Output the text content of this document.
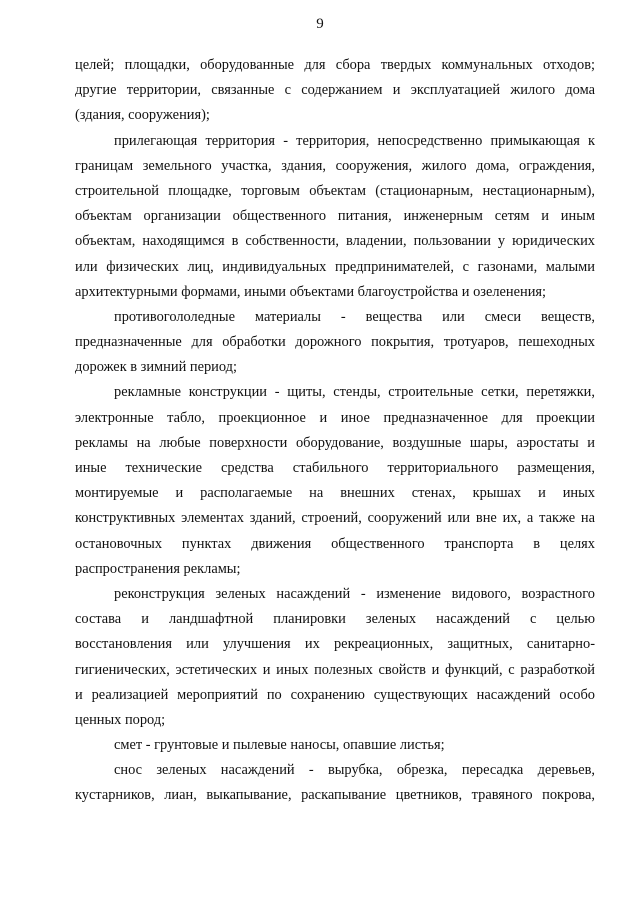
9
целей; площадки, оборудованные для сбора твердых коммунальных отходов;
другие территории, связанные с содержанием и эксплуатацией жилого дома
(здания, сооружения);
прилегающая территория - территория, непосредственно примыкающая к
границам земельного участка, здания, сооружения, жилого дома, ограждения,
строительной площадке, торговым объектам (стационарным, нестационарным),
объектам организации общественного питания, инженерным сетям и иным
объектам, находящимся в собственности, владении, пользовании у юридических
или физических лиц, индивидуальных предпринимателей, с газонами, малыми
архитектурными формами, иными объектами благоустройства и озеленения;
противогололедные материалы - вещества или смеси веществ,
предназначенные для обработки дорожного покрытия, тротуаров, пешеходных
дорожек в зимний период;
рекламные конструкции - щиты, стенды, строительные сетки, перетяжки,
электронные табло, проекционное и иное предназначенное для проекции
рекламы на любые поверхности оборудование, воздушные шары, аэростаты и
иные технические средства стабильного территориального размещения,
монтируемые и располагаемые на внешних стенах, крышах и иных
конструктивных элементах зданий, строений, сооружений или вне их, а также на
остановочных пунктах движения общественного транспорта в целях
распространения рекламы;
реконструкция зеленых насаждений - изменение видового, возрастного
состава и ландшафтной планировки зеленых насаждений с целью
восстановления или улучшения их рекреационных, защитных, санитарно-
гигиенических, эстетических и иных полезных свойств и функций, с разработкой
и реализацией мероприятий по сохранению существующих насаждений особо
ценных пород;
смет - грунтовые и пылевые наносы, опавшие листья;
снос зеленых насаждений - вырубка, обрезка, пересадка деревьев,
кустарников, лиан, выкапывание, раскапывание цветников, травяного покрова,
